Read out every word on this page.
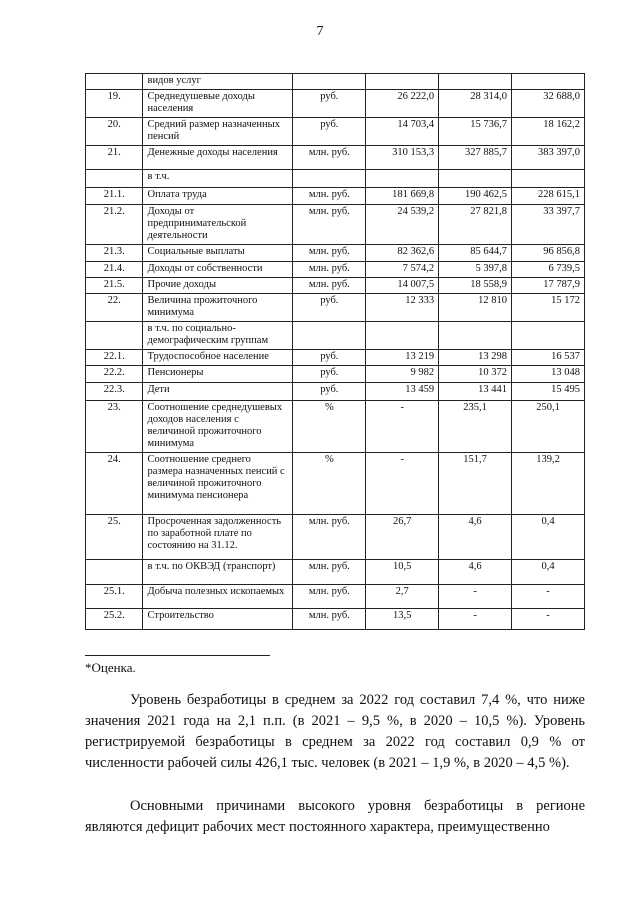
7
	видов услуг				
19.	Среднедушевые доходы населения	руб.	26 222,0	28 314,0	32 688,0
20.	Средний размер назначенных пенсий	руб.	14 703,4	15 736,7	18 162,2
21.	Денежные доходы населения	млн. руб.	310 153,3	327 885,7	383 397,0
	в т.ч.				
21.1.	Оплата труда	млн. руб.	181 669,8	190 462,5	228 615,1
21.2.	Доходы от предпринимательской деятельности	млн. руб.	24 539,2	27 821,8	33 397,7
21.3.	Социальные выплаты	млн. руб.	82 362,6	85 644,7	96 856,8
21.4.	Доходы от собственности	млн. руб.	7 574,2	5 397,8	6 739,5
21.5.	Прочие доходы	млн. руб.	14 007,5	18 558,9	17 787,9
22.	Величина прожиточного минимума	руб.	12 333	12 810	15 172
	в т.ч. по социально-демографическим группам				
22.1.	Трудоспособное население	руб.	13 219	13 298	16 537
22.2.	Пенсионеры	руб.	9 982	10 372	13 048
22.3.	Дети	руб.	13 459	13 441	15 495
23.	Соотношение среднедушевых доходов населения с величиной прожиточного минимума	%	-	235,1	250,1
24.	Соотношение среднего размера назначенных пенсий с величиной прожиточного минимума пенсионера	%	-	151,7	139,2
25.	Просроченная задолженность по заработной плате по состоянию на 31.12.	млн. руб.	26,7	4,6	0,4
	в т.ч. по ОКВЭД (транспорт)	млн. руб.	10,5	4,6	0,4
25.1.	Добыча полезных ископаемых	млн. руб.	2,7	-	-
25.2.	Строительство	млн. руб.	13,5	-	-
*Оценка.
Уровень безработицы в среднем за 2022 год составил 7,4 %, что ниже значения 2021 года на 2,1 п.п. (в 2021 – 9,5 %, в 2020 – 10,5 %). Уровень регистрируемой безработицы в среднем за 2022 год составил 0,9 % от численности рабочей силы 426,1 тыс. человек (в 2021 – 1,9 %, в 2020 – 4,5 %).
Основными причинами высокого уровня безработицы в регионе являются дефицит рабочих мест постоянного характера, преимущественно
